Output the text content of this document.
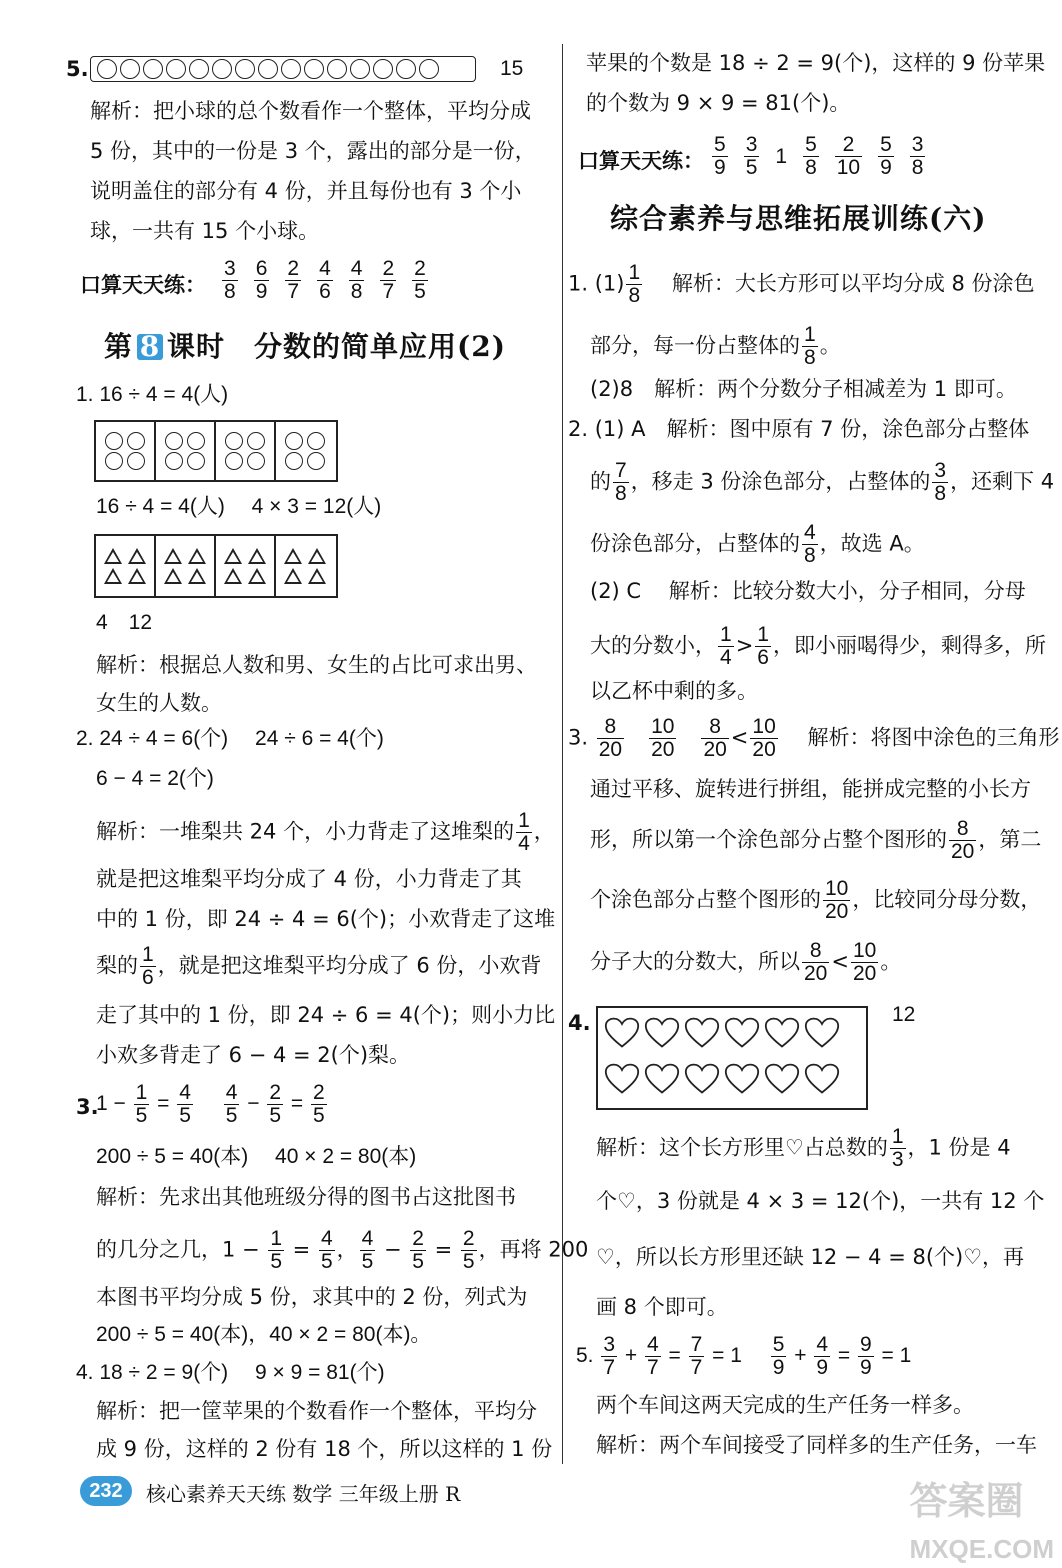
5.	15
解析：把小球的总个数看作一个整体，平均分成
5 份，其中的一份是 3 个，露出的部分是一份，
说明盖住的部分有 4 份，并且每份也有 3 个小
球，一共有 15 个小球。
口算天天练： $\frac{3}{8} \frac{6}{9} \frac{2}{7} \frac{4}{6} \frac{4}{8} \frac{2}{7} \frac{2}{5}$
第 8 课时　分数的简单应用(2)
1. 16 ÷ 4 = 4(人)
16 ÷ 4 = 4(人)　 4 × 3 = 12(人)
4　12
解析：根据总人数和男、女生的占比可求出男、
女生的人数。
2. 24 ÷ 4 = 6(个)　 24 ÷ 6 = 4(个)
6 − 4 = 2(个)
解析：一堆梨共 24 个，小力背走了这堆梨的 $\frac{1}{4}$ ，
就是把这堆梨平均分成了 4 份，小力背走了其
中的 1 份，即 24 ÷ 4 = 6(个)；小欢背走了这堆
梨的 $\frac{1}{6}$ ，就是把这堆梨平均分成了 6 份，小欢背
走了其中的 1 份，即 24 ÷ 6 = 4(个)；则小力比
小欢多背走了 6 − 4 = 2(个)梨。
3.
$1 - \frac{1}{5} = \frac{4}{5}$
　 $\frac{4}{5} - \frac{2}{5} = \frac{2}{5}$
200 ÷ 5 = 40(本)　 40 × 2 = 80(本)
解析：先求出其他班级分得的图书占这批图书
的几分之几，$1 - \frac{1}{5} = \frac{4}{5}$ ， $\frac{4}{5} - \frac{2}{5} = \frac{2}{5}$ ，再将 200
本图书平均分成 5 份，求其中的 2 份，列式为
200 ÷ 5 = 40(本)，40 × 2 = 80(本)。
4. 18 ÷ 2 = 9(个)　 9 × 9 = 81(个)
解析：把一筐苹果的个数看作一个整体，平均分
成 9 份，这样的 2 份有 18 个，所以这样的 1 份
苹果的个数是 18 ÷ 2 = 9(个)，这样的 9 份苹果
的个数为 9 × 9 = 81(个)。
口算天天练： $\frac{5}{9} \frac{3}{5} 1 \frac{5}{8} \frac{2}{10} \frac{5}{9} \frac{3}{8}$
综合素养与思维拓展训练(六)
1. $(1) \frac{1}{8}$
　 解析：大长方形可以平均分成 8 份涂色
部分，每一份占整体的 $\frac{1}{8}$ 。
(2)8　解析：两个分数分子相减差为 1 即可。
2. (1) A　解析：图中原有 7 份，涂色部分占整体
的 $\frac{7}{8}$ ，移走 3 份涂色部分，占整体的 $\frac{3}{8}$ ，还剩下 4
份涂色部分，占整体的 $\frac{4}{8}$ ，故选 A。
(2) C　 解析：比较分数大小，分子相同，分母
大的分数小， $\frac{1}{4} > \frac{1}{6}$ ，即小丽喝得少，剩得多，所
以乙杯中剩的多。
3. $\frac{8}{20}$
　 $\frac{10}{20}$
　 $\frac{8}{20} < \frac{10}{20}$
　 解析：将图中涂色的三角形
通过平移、旋转进行拼组，能拼成完整的小长方
形，所以第一个涂色部分占整个图形的 $\frac{8}{20}$ ，第二
个涂色部分占整个图形的 $\frac{10}{20}$ ，比较同分母分数，
分子大的分数大，所以 $\frac{8}{20} < \frac{10}{20}$ 。
4.	12
解析：这个长方形里♡占总数的 $\frac{1}{3}$ ，1 份是 4
个♡，3 份就是 4 × 3 = 12(个)，一共有 12 个
♡，所以长方形里还缺 12 − 4 = 8(个)♡，再
画 8 个即可。
5. $\frac{3}{7} + \frac{4}{7} = \frac{7}{7} = 1$　 $\frac{5}{9} + \frac{4}{9} = \frac{9}{9} = 1$
两个车间这两天完成的生产任务一样多。
解析：两个车间接受了同样多的生产任务，一车
232	核心素养天天练 数学 三年级上册 R	答案圈
MXQE.COM
